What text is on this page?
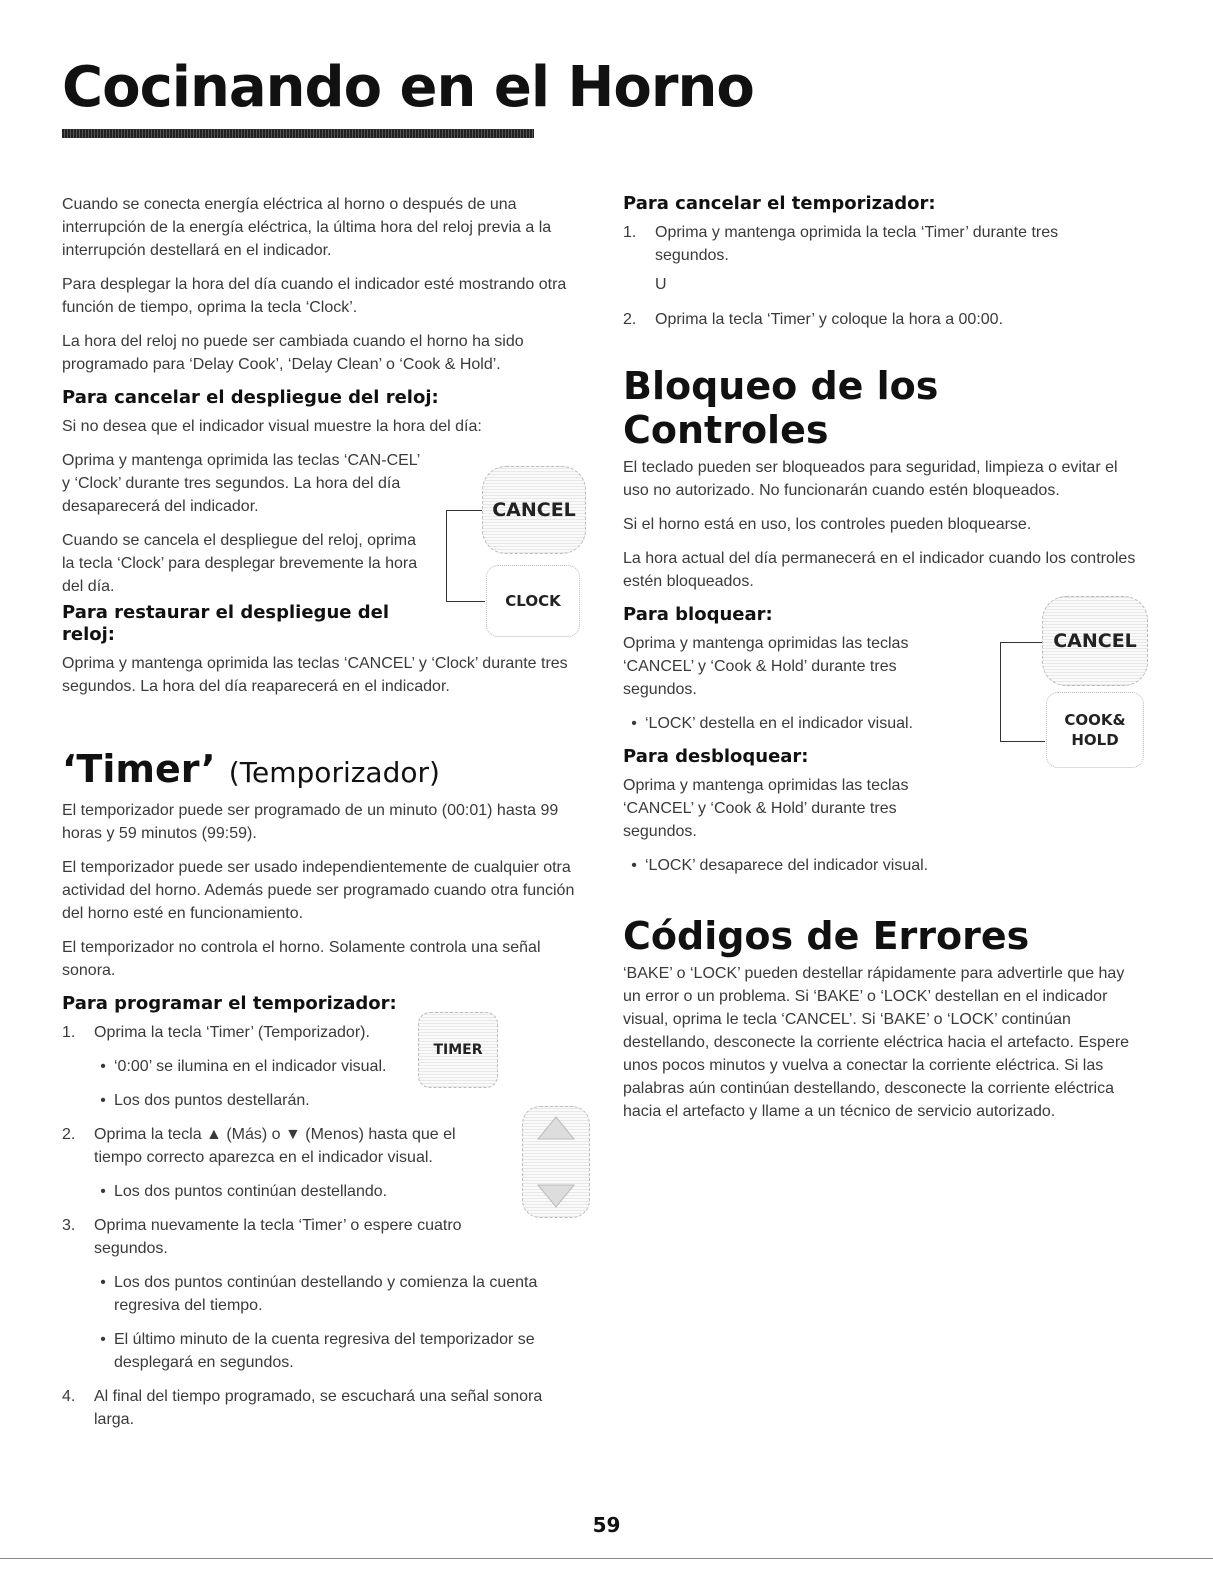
Cocinando en el Horno

Cuando se conecta energía eléctrica al horno o después de una interrupción de la energía eléctrica, la última hora del reloj previa a la interrupción destellará en el indicador.

Para desplegar la hora del día cuando el indicador esté mostrando otra función de tiempo, oprima la tecla ‘Clock’.

La hora del reloj no puede ser cambiada cuando el horno ha sido programado para ‘Delay Cook’, ‘Delay Clean’ o ‘Cook & Hold’.

Para cancelar el despliegue del reloj:

Si no desea que el indicador visual muestre la hora del día:

Oprima y mantenga oprimida las teclas ‘CAN-CEL’ y ‘Clock’ durante tres segundos. La hora del día desaparecerá del indicador.

Cuando se cancela el despliegue del reloj, oprima la tecla ‘Clock’ para desplegar brevemente la hora del día.

Para restaurar el despliegue del reloj:

Oprima y mantenga oprimida las teclas ‘CANCEL’ y ‘Clock’ durante tres segundos. La hora del día reaparecerá en el indicador.

‘Timer’ (Temporizador)

El temporizador puede ser programado de un minuto (00:01) hasta 99 horas y 59 minutos (99:59).

El temporizador puede ser usado independientemente de cualquier otra actividad del horno. Además puede ser programado cuando otra función del horno esté en funcionamiento.

El temporizador no controla el horno. Solamente controla una señal sonora.

Para programar el temporizador:
1.	Oprima la tecla ‘Timer’ (Temporizador).
• ‘0:00’ se ilumina en el indicador visual.
• Los dos puntos destellarán.
2.	Oprima la tecla ▲ (Más) o ▼ (Menos) hasta que el tiempo correcto aparezca en el indicador visual.
• Los dos puntos continúan destellando.
3.	Oprima nuevamente la tecla ‘Timer’ o espere cuatro segundos.
• Los dos puntos continúan destellando y comienza la cuenta regresiva del tiempo.
• El último minuto de la cuenta regresiva del temporizador se desplegará en segundos.
4.	Al final del tiempo programado, se escuchará una señal sonora larga.
CANCEL
CLOCK
TIMER
Para cancelar el temporizador:
1.	Oprima y mantenga oprimida la tecla ‘Timer’ durante tres segundos.
U
2.	Oprima la tecla ‘Timer’ y coloque la hora a 00:00.
Bloqueo de los Controles

El teclado pueden ser bloqueados para seguridad, limpieza o evitar el uso no autorizado. No funcionarán cuando estén bloqueados.

Si el horno está en uso, los controles pueden bloquearse.

La hora actual del día permanecerá en el indicador cuando los controles estén bloqueados.

Para bloquear:

Oprima y mantenga oprimidas las teclas ‘CANCEL’ y ‘Cook & Hold’ durante tres segundos.

• ‘LOCK’ destella en el indicador visual.
Para desbloquear:

Oprima y mantenga oprimidas las teclas ‘CANCEL’ y ‘Cook & Hold’ durante tres segundos.

• ‘LOCK’ desaparece del indicador visual.
Códigos de Errores

‘BAKE’ o ‘LOCK’ pueden destellar rápidamente para advertirle que hay un error o un problema. Si ‘BAKE’ o ‘LOCK’ destellan en el indicador visual, oprima le tecla ‘CANCEL’. Si ‘BAKE’ o ‘LOCK’ continúan destellando, desconecte la corriente eléctrica hacia el artefacto. Espere unos pocos minutos y vuelva a conectar la corriente eléctrica. Si las palabras aún continúan destellando, desconecte la corriente eléctrica hacia el artefacto y llame a un técnico de servicio autorizado.

CANCEL
COOK&
HOLD
59
